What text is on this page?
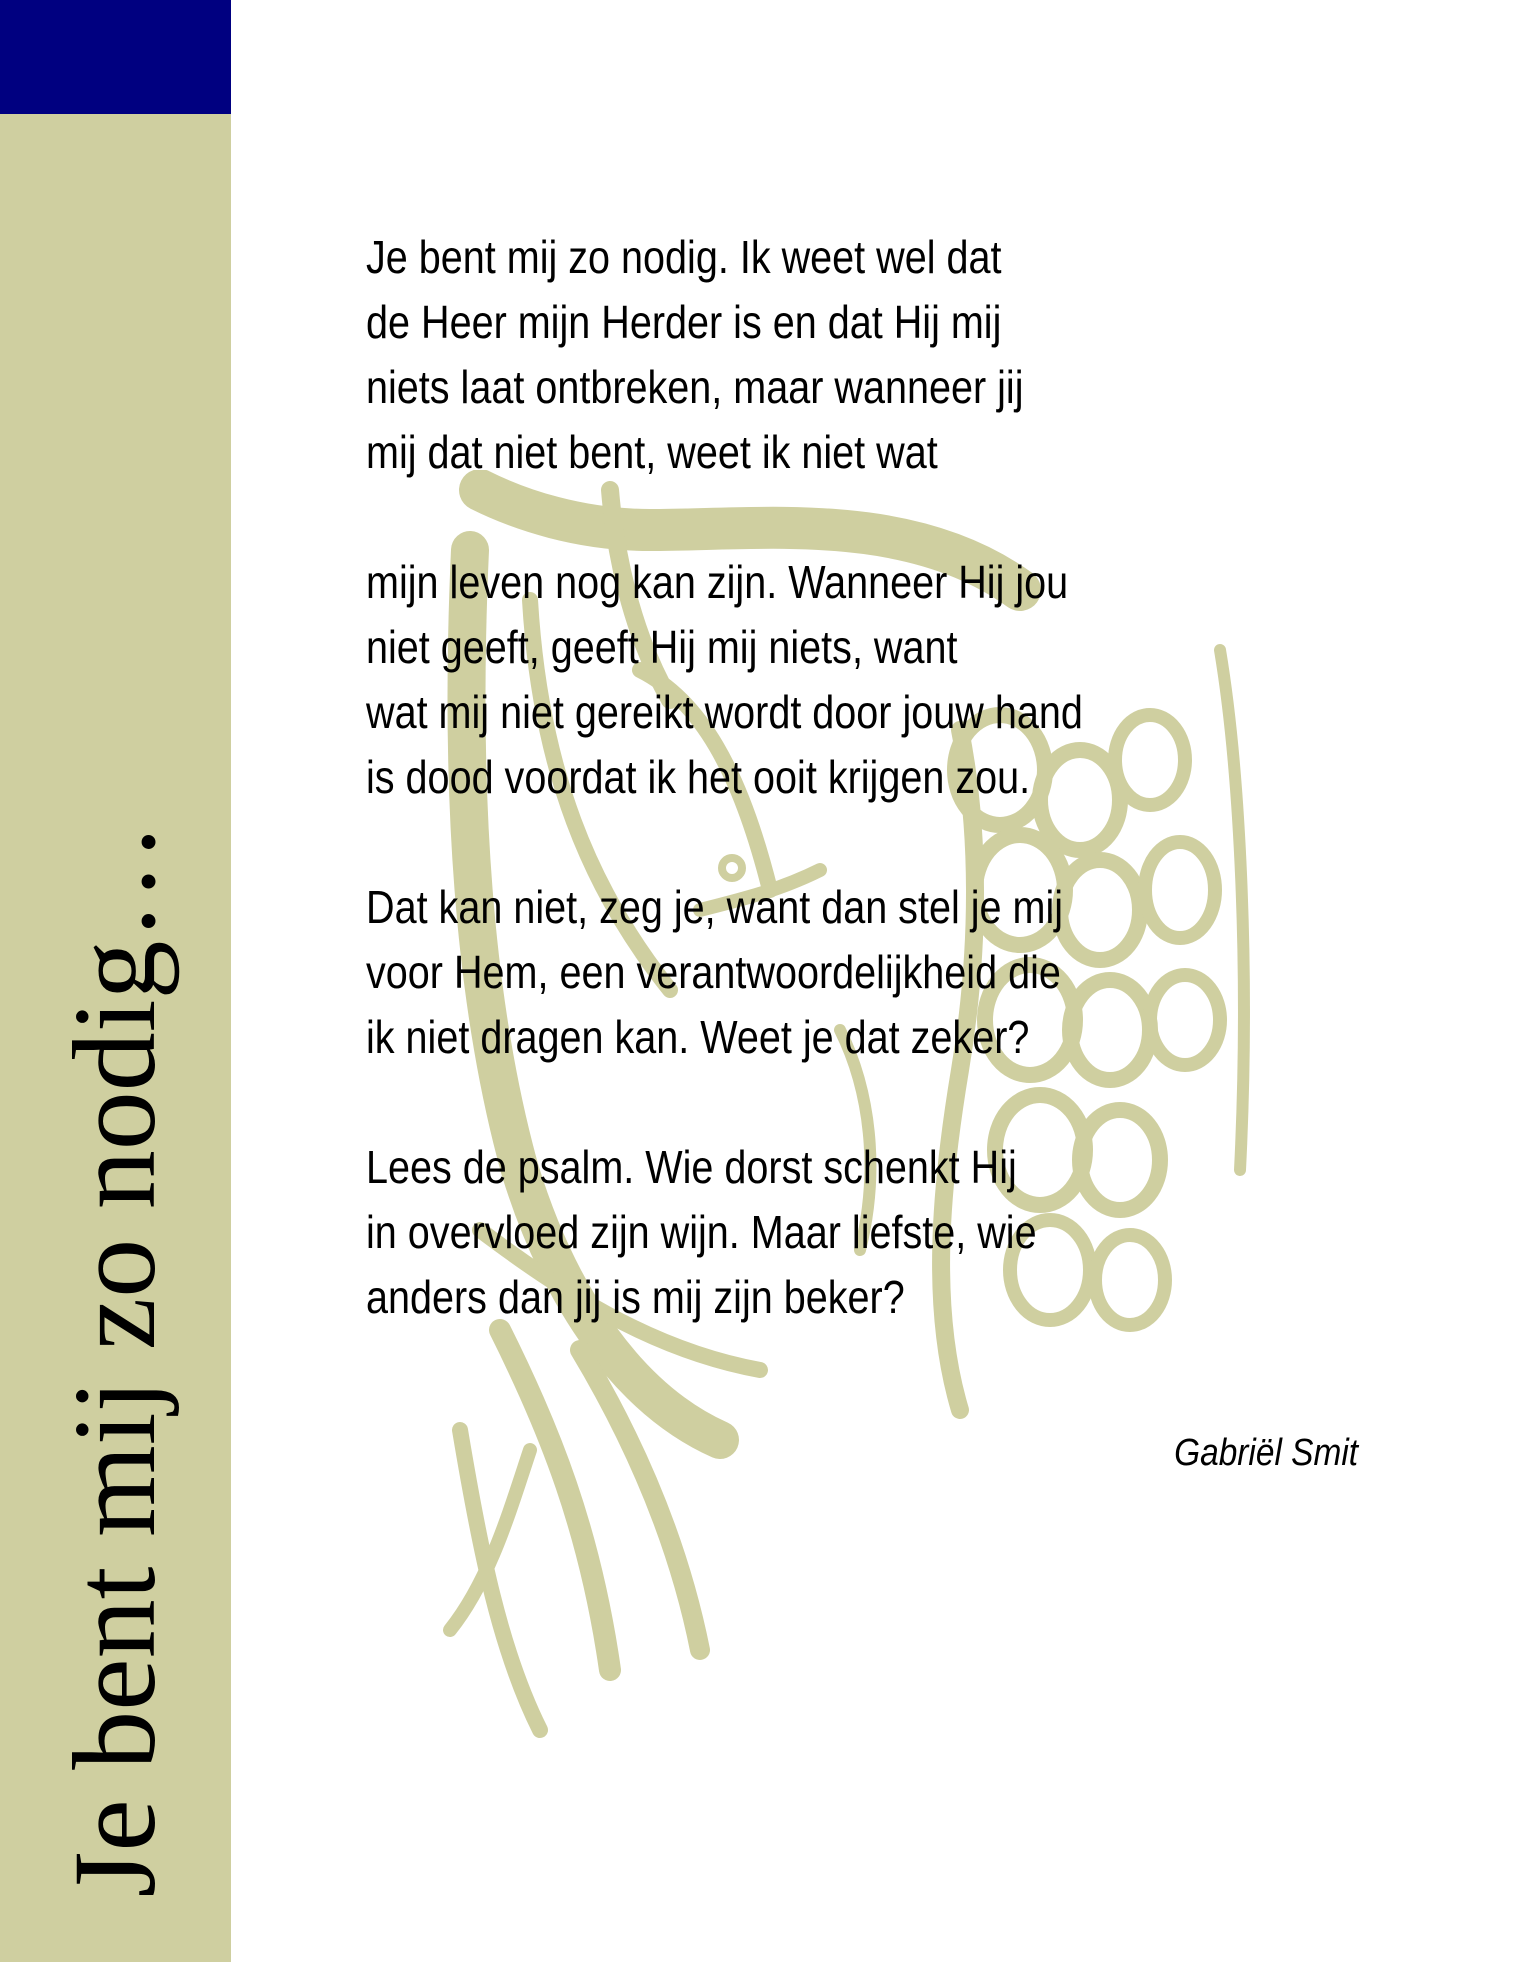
Je bent mij zo nodig…
Je bent mij zo nodig. Ik weet wel dat
de Heer mijn Herder is en dat Hij mij
niets laat ontbreken, maar wanneer jij
mij dat niet bent, weet ik niet wat
mijn leven nog kan zijn. Wanneer Hij jou
niet geeft, geeft Hij mij niets, want
wat mij niet gereikt wordt door jouw hand
is dood voordat ik het ooit krijgen zou.
Dat kan niet, zeg je, want dan stel je mij
voor Hem, een verantwoordelijkheid die
ik niet dragen kan. Weet je dat zeker?
Lees de psalm. Wie dorst schenkt Hij
in overvloed zijn wijn. Maar liefste, wie
anders dan jij is mij zijn beker?
Gabriël Smit
